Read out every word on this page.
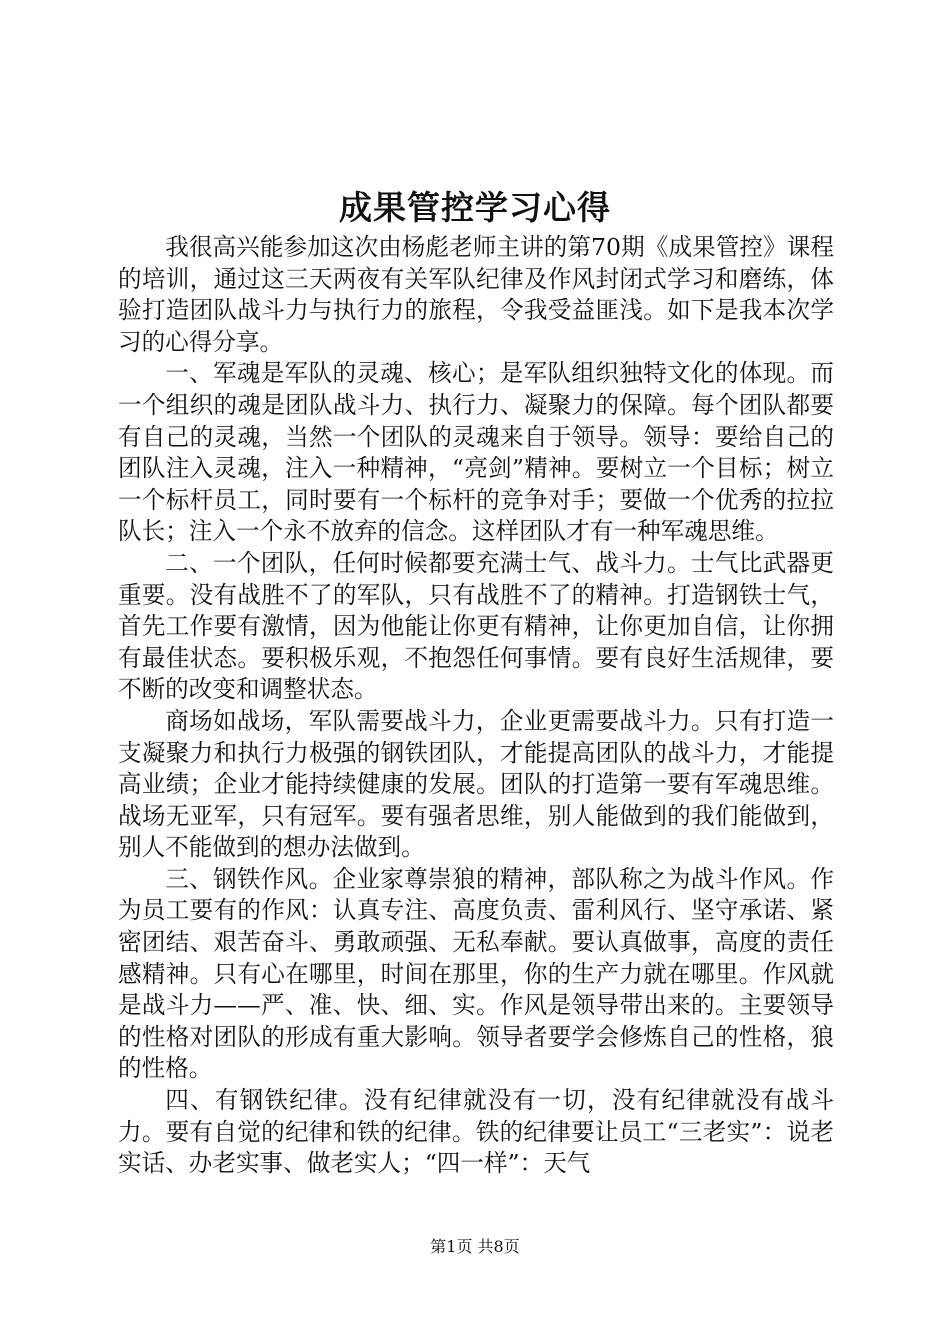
成果管控学习心得

我很高兴能参加这次由杨彪老师主讲的第70期《成果管控》课程的培训，通过这三天两夜有关军队纪律及作风封闭式学习和磨练，体验打造团队战斗力与执行力的旅程，令我受益匪浅。如下是我本次学习的心得分享。

一、军魂是军队的灵魂、核心；是军队组织独特文化的体现。而一个组织的魂是团队战斗力、执行力、凝聚力的保障。每个团队都要有自己的灵魂，当然一个团队的灵魂来自于领导。领导：要给自己的团队注入灵魂，注入一种精神，“亮剑”精神。要树立一个目标；树立一个标杆员工，同时要有一个标杆的竞争对手；要做一个优秀的拉拉队长；注入一个永不放弃的信念。这样团队才有一种军魂思维。

二、一个团队，任何时候都要充满士气、战斗力。士气比武器更重要。没有战胜不了的军队，只有战胜不了的精神。打造钢铁士气，首先工作要有激情，因为他能让你更有精神，让你更加自信，让你拥有最佳状态。要积极乐观，不抱怨任何事情。要有良好生活规律，要不断的改变和调整状态。

商场如战场，军队需要战斗力，企业更需要战斗力。只有打造一支凝聚力和执行力极强的钢铁团队，才能提高团队的战斗力，才能提高业绩；企业才能持续健康的发展。团队的打造第一要有军魂思维。战场无亚军，只有冠军。要有强者思维，别人能做到的我们能做到，别人不能做到的想办法做到。

三、钢铁作风。企业家尊崇狼的精神，部队称之为战斗作风。作为员工要有的作风：认真专注、高度负责、雷利风行、坚守承诺、紧密团结、艰苦奋斗、勇敢顽强、无私奉献。要认真做事，高度的责任感精神。只有心在哪里，时间在那里，你的生产力就在哪里。作风就是战斗力——严、准、快、细、实。作风是领导带出来的。主要领导的性格对团队的形成有重大影响。领导者要学会修炼自己的性格，狼的性格。

四、有钢铁纪律。没有纪律就没有一切，没有纪律就没有战斗力。要有自觉的纪律和铁的纪律。铁的纪律要让员工“三老实”：说老实话、办老实事、做老实人；“四一样”：天气

第1页 共8页
